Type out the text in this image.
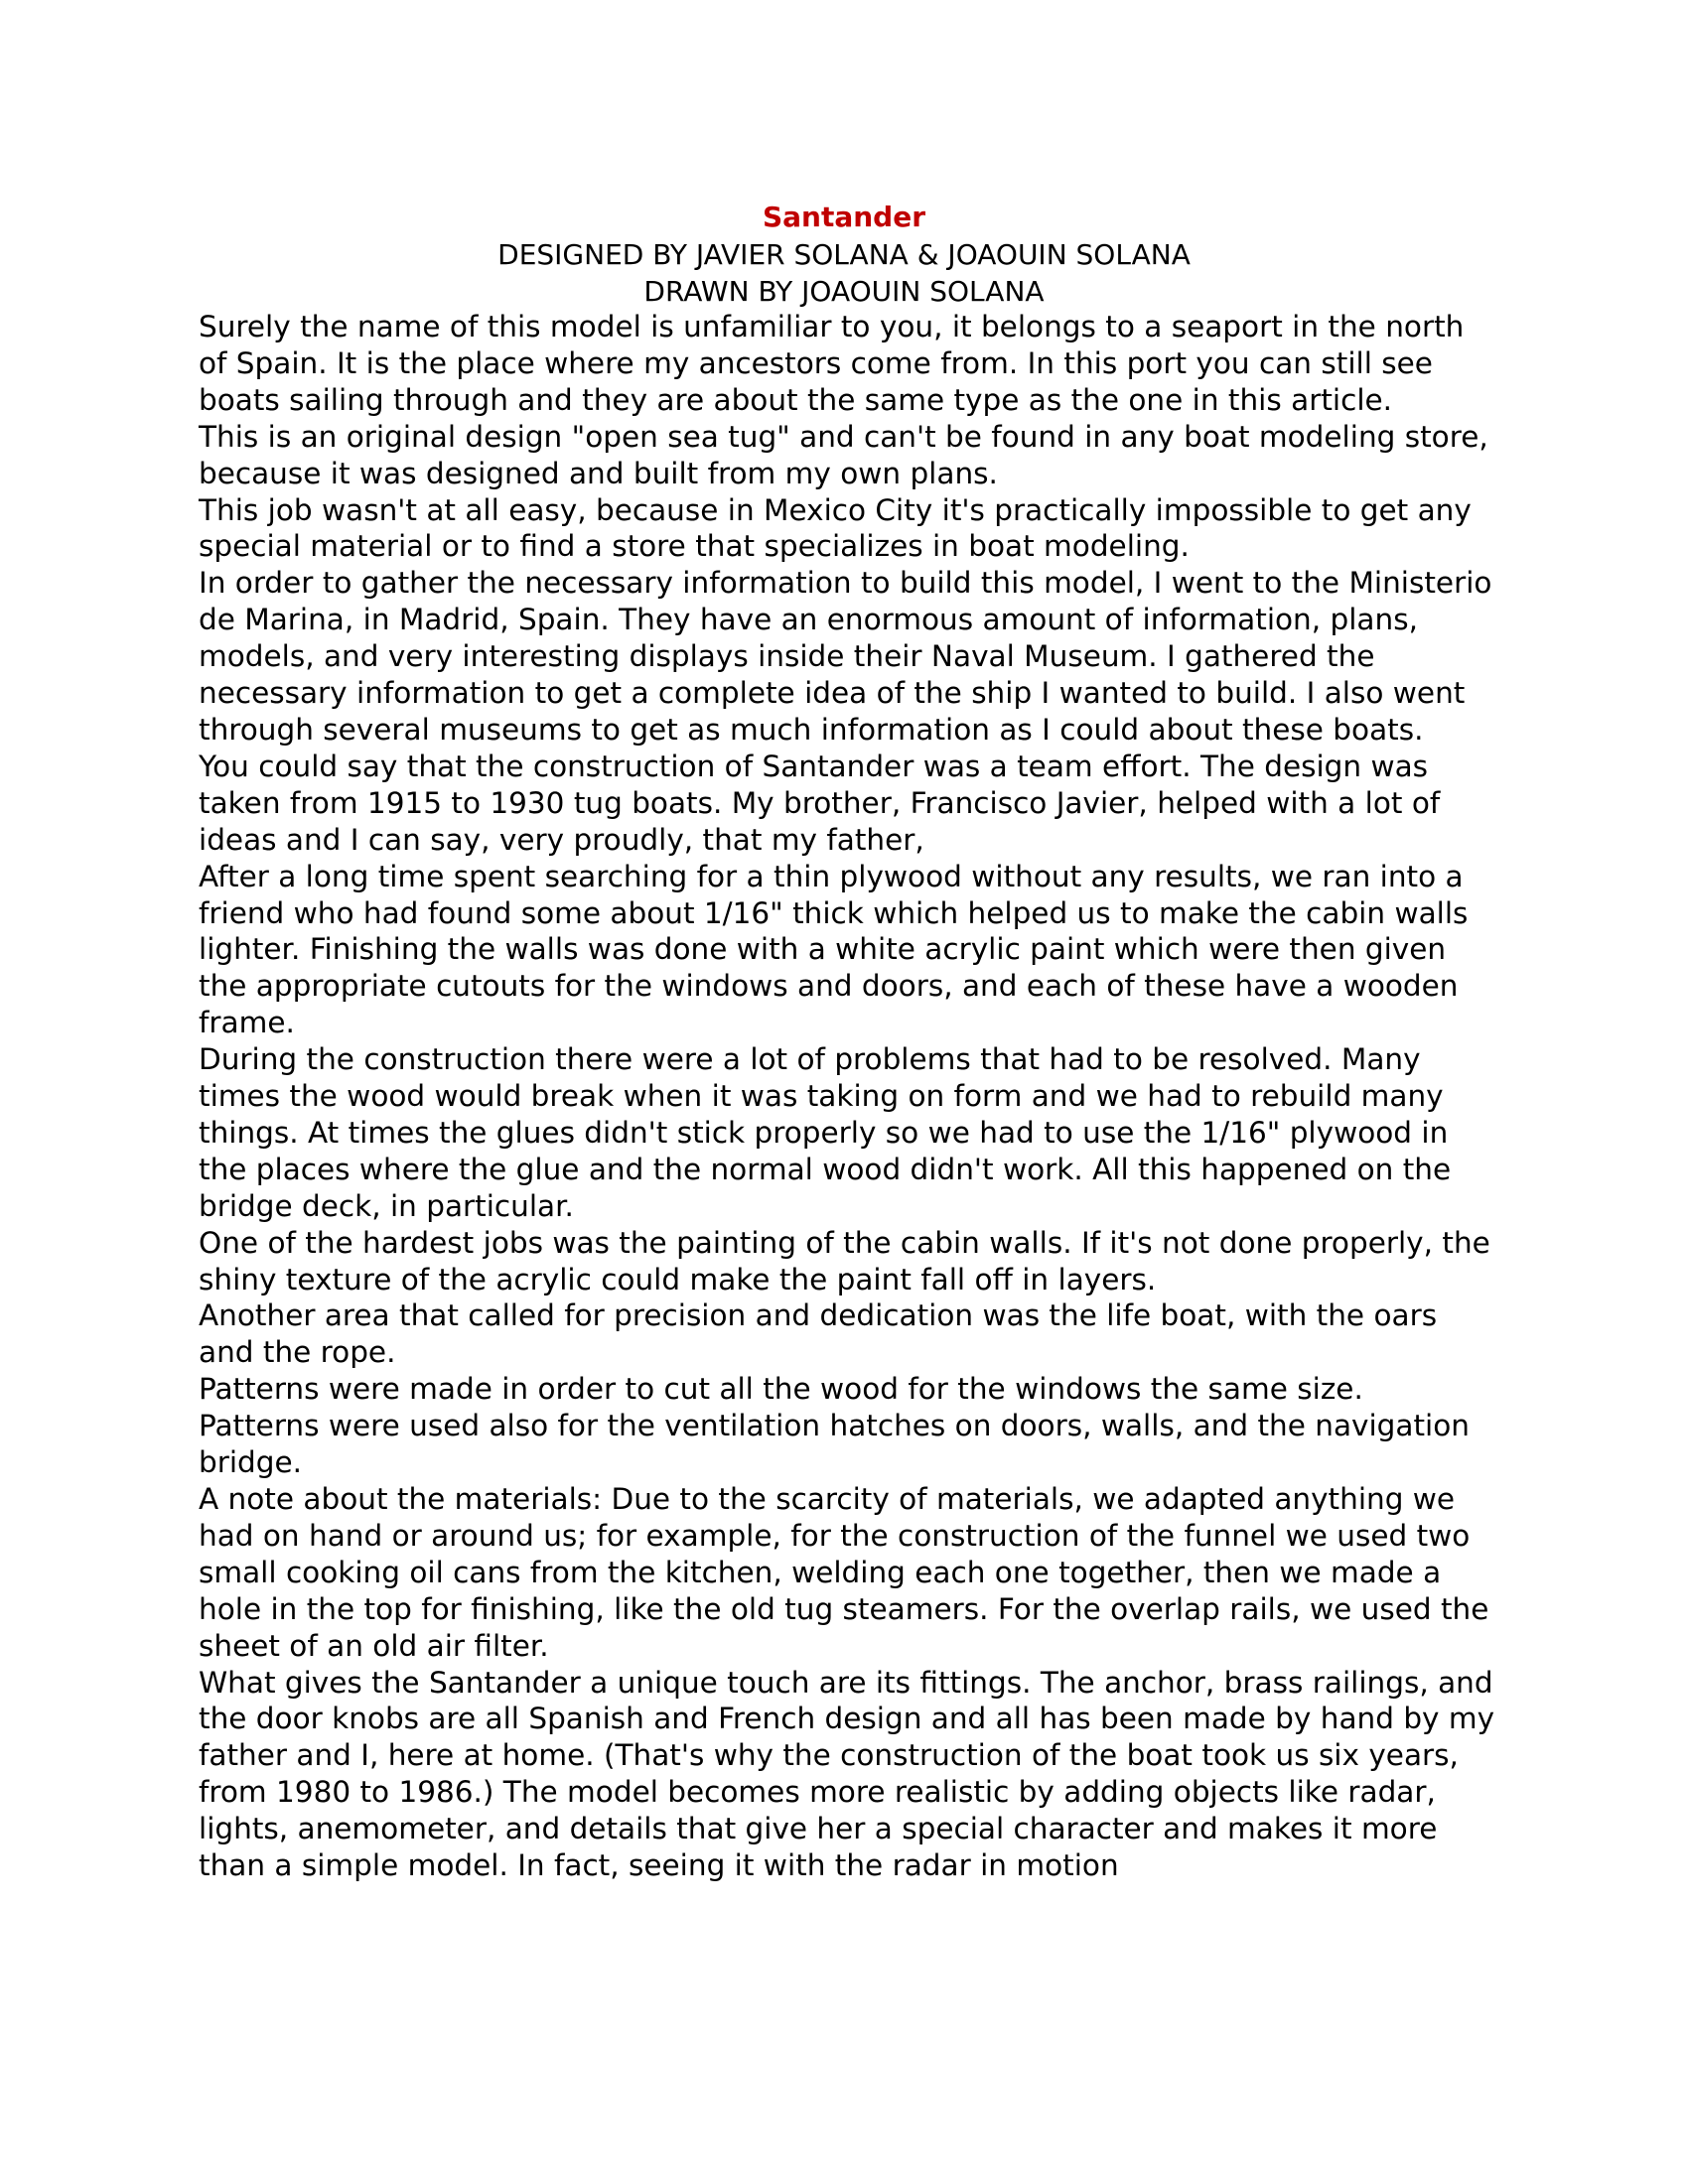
Santander

DESIGNED BY JAVIER SOLANA & JOAOUIN SOLANA

DRAWN BY JOAOUIN SOLANA

Surely the name of this model is unfamiliar to you, it belongs to a seaport in the north of Spain. It is the place where my ancestors come from. In this port you can still see boats sailing through and they are about the same type as the one in this article.

This is an original design "open sea tug" and can't be found in any boat modeling store, because it was designed and built from my own plans.

This job wasn't at all easy, because in Mexico City it's practically impossible to get any special material or to find a store that specializes in boat modeling.

In order to gather the necessary information to build this model, I went to the Ministerio de Marina, in Madrid, Spain. They have an enormous amount of information, plans, models, and very interesting displays inside their Naval Museum. I gathered the necessary information to get a complete idea of the ship I wanted to build. I also went through several museums to get as much information as I could about these boats.

You could say that the construction of Santander was a team effort. The design was taken from 1915 to 1930 tug boats. My brother, Francisco Javier, helped with a lot of ideas and I can say, very proudly, that my father,

After a long time spent searching for a thin plywood without any results, we ran into a friend who had found some about 1/16" thick which helped us to make the cabin walls lighter. Finishing the walls was done with a white acrylic paint which were then given the appropriate cutouts for the windows and doors, and each of these have a wooden frame.

During the construction there were a lot of problems that had to be resolved. Many times the wood would break when it was taking on form and we had to rebuild many things. At times the glues didn't stick properly so we had to use the 1/16" plywood in the places where the glue and the normal wood didn't work. All this happened on the bridge deck, in particular.

One of the hardest jobs was the painting of the cabin walls. If it's not done properly, the shiny texture of the acrylic could make the paint fall off in layers.

Another area that called for precision and dedication was the life boat, with the oars and the rope.

Patterns were made in order to cut all the wood for the windows the same size.

Patterns were used also for the ventilation hatches on doors, walls, and the navigation bridge.

A note about the materials: Due to the scarcity of materials, we adapted anything we had on hand or around us; for example, for the construction of the funnel we used two small cooking oil cans from the kitchen, welding each one together, then we made a hole in the top for finishing, like the old tug steamers. For the overlap rails, we used the sheet of an old air filter.

What gives the Santander a unique touch are its fittings. The anchor, brass railings, and the door knobs are all Spanish and French design and all has been made by hand by my father and I, here at home. (That's why the construction of the boat took us six years, from 1980 to 1986.) The model becomes more realistic by adding objects like radar, lights, anemometer, and details that give her a special character and makes it more than a simple model. In fact, seeing it with the radar in motion
